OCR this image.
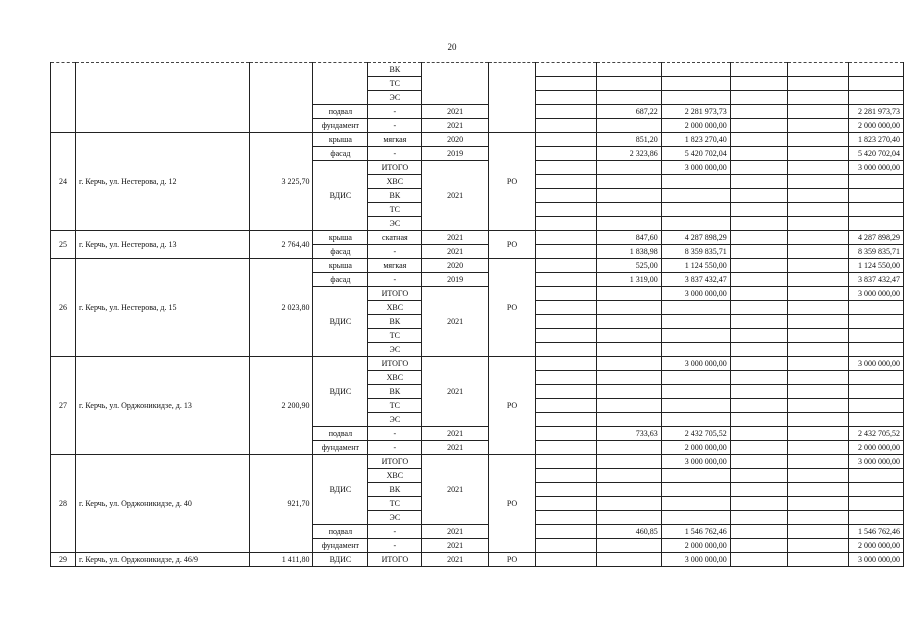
20
				ВК								
				ТС								
				ЭС								
			подвал	-	2021			687,22	2 281 973,73			2 281 973,73
			фундамент	-	2021				2 000 000,00			2 000 000,00
24	г. Керчь, ул. Нестерова, д. 12	3 225,70	крыша	мягкая	2020	РО		851,20	1 823 270,40			1 823 270,40
			фасад	-	2019			2 323,86	5 420 702,04			5 420 702,04
			ВДИС	ИТОГО	2021				3 000 000,00			3 000 000,00
				ХВС								
				ВК								
				ТС								
				ЭС								
25	г. Керчь, ул. Нестерова, д. 13	2 764,40	крыша	скатная	2021	РО		847,60	4 287 898,29			4 287 898,29
			фасад	-	2021			1 838,98	8 359 835,71			8 359 835,71
26	г. Керчь, ул. Нестерова, д. 15	2 023,80	крыша	мягкая	2020	РО		525,00	1 124 550,00			1 124 550,00
			фасад	-	2019			1 319,00	3 837 432,47			3 837 432,47
			ВДИС	ИТОГО	2021				3 000 000,00			3 000 000,00
				ХВС								
				ВК								
				ТС								
				ЭС								
27	г. Керчь, ул. Орджоникидзе, д. 13	2 200,90	ВДИС	ИТОГО	2021	РО			3 000 000,00			3 000 000,00
				ХВС								
				ВК								
				ТС								
				ЭС								
			подвал	-	2021			733,63	2 432 705,52			2 432 705,52
			фундамент	-	2021				2 000 000,00			2 000 000,00
28	г. Керчь, ул. Орджоникидзе, д. 40	921,70	ВДИС	ИТОГО	2021	РО			3 000 000,00			3 000 000,00
				ХВС								
				ВК								
				ТС								
				ЭС								
			подвал	-	2021			460,85	1 546 762,46			1 546 762,46
			фундамент	-	2021				2 000 000,00			2 000 000,00
29	г. Керчь, ул. Орджоникидзе, д. 46/9	1 411,80	ВДИС	ИТОГО	2021	РО			3 000 000,00			3 000 000,00
